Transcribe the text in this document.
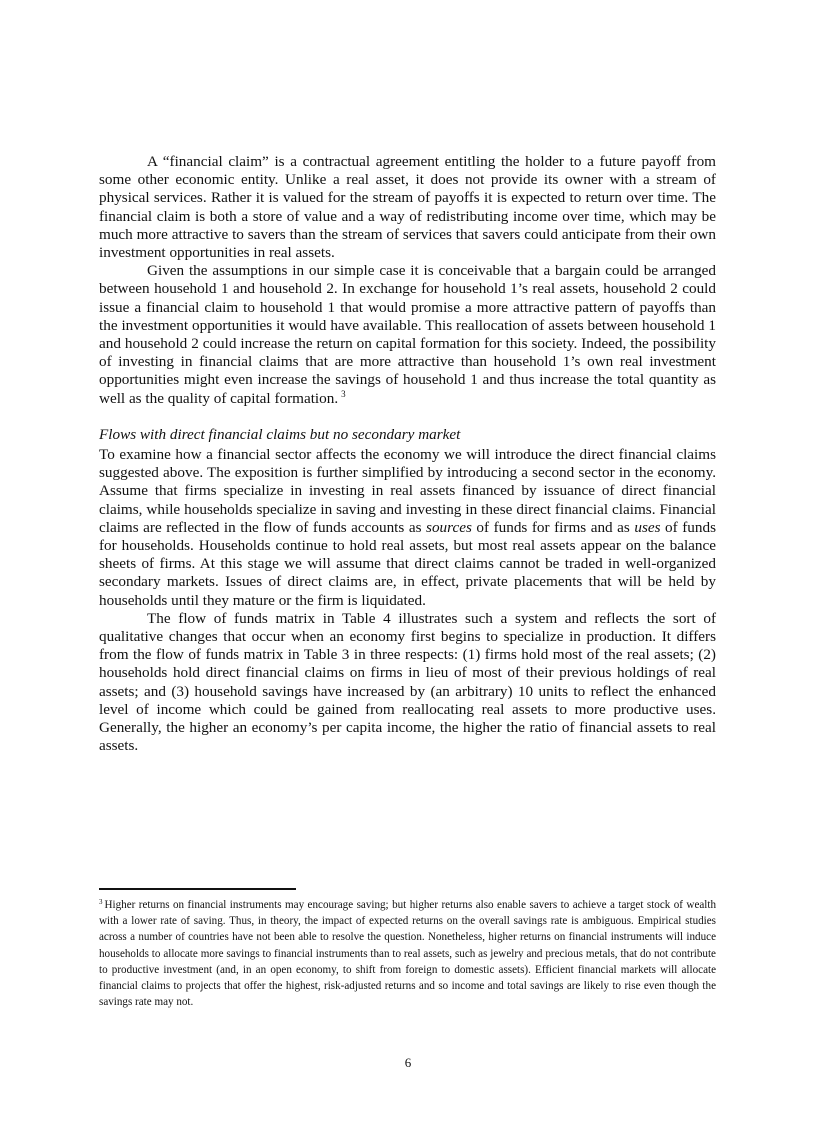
A “financial claim” is a contractual agreement entitling the holder to a future payoff from some other economic entity. Unlike a real asset, it does not provide its owner with a stream of physical services. Rather it is valued for the stream of payoffs it is expected to return over time. The financial claim is both a store of value and a way of redistributing income over time, which may be much more attractive to savers than the stream of services that savers could anticipate from their own investment opportunities in real assets.

Given the assumptions in our simple case it is conceivable that a bargain could be arranged between household 1 and household 2. In exchange for household 1’s real assets, household 2 could issue a financial claim to household 1 that would promise a more attractive pattern of payoffs than the investment opportunities it would have available. This reallocation of assets between household 1 and household 2 could increase the return on capital formation for this society. Indeed, the possibility of investing in financial claims that are more attractive than household 1’s own real investment opportunities might even increase the savings of household 1 and thus increase the total quantity as well as the quality of capital formation. $^3$

Flows with direct financial claims but no secondary market

To examine how a financial sector affects the economy we will introduce the direct financial claims suggested above. The exposition is further simplified by introducing a second sector in the economy. Assume that firms specialize in investing in real assets financed by issuance of direct financial claims, while households specialize in saving and investing in these direct financial claims. Financial claims are reflected in the flow of funds accounts as sources of funds for firms and as uses of funds for households. Households continue to hold real assets, but most real assets appear on the balance sheets of firms. At this stage we will assume that direct claims cannot be traded in well-organized secondary markets. Issues of direct claims are, in effect, private placements that will be held by households until they mature or the firm is liquidated.

The flow of funds matrix in Table 4 illustrates such a system and reflects the sort of qualitative changes that occur when an economy first begins to specialize in production. It differs from the flow of funds matrix in Table 3 in three respects: (1) firms hold most of the real assets; (2) households hold direct financial claims on firms in lieu of most of their previous holdings of real assets; and (3) household savings have increased by (an arbitrary) 10 units to reflect the enhanced level of income which could be gained from reallocating real assets to more productive uses. Generally, the higher an economy’s per capita income, the higher the ratio of financial assets to real assets.

$^3$ Higher returns on financial instruments may encourage saving; but higher returns also enable savers to achieve a target stock of wealth with a lower rate of saving. Thus, in theory, the impact of expected returns on the overall savings rate is ambiguous. Empirical studies across a number of countries have not been able to resolve the question. Nonetheless, higher returns on financial instruments will induce households to allocate more savings to financial instruments than to real assets, such as jewelry and precious metals, that do not contribute to productive investment (and, in an open economy, to shift from foreign to domestic assets). Efficient financial markets will allocate financial claims to projects that offer the highest, risk-adjusted returns and so income and total savings are likely to rise even though the savings rate may not.

6
